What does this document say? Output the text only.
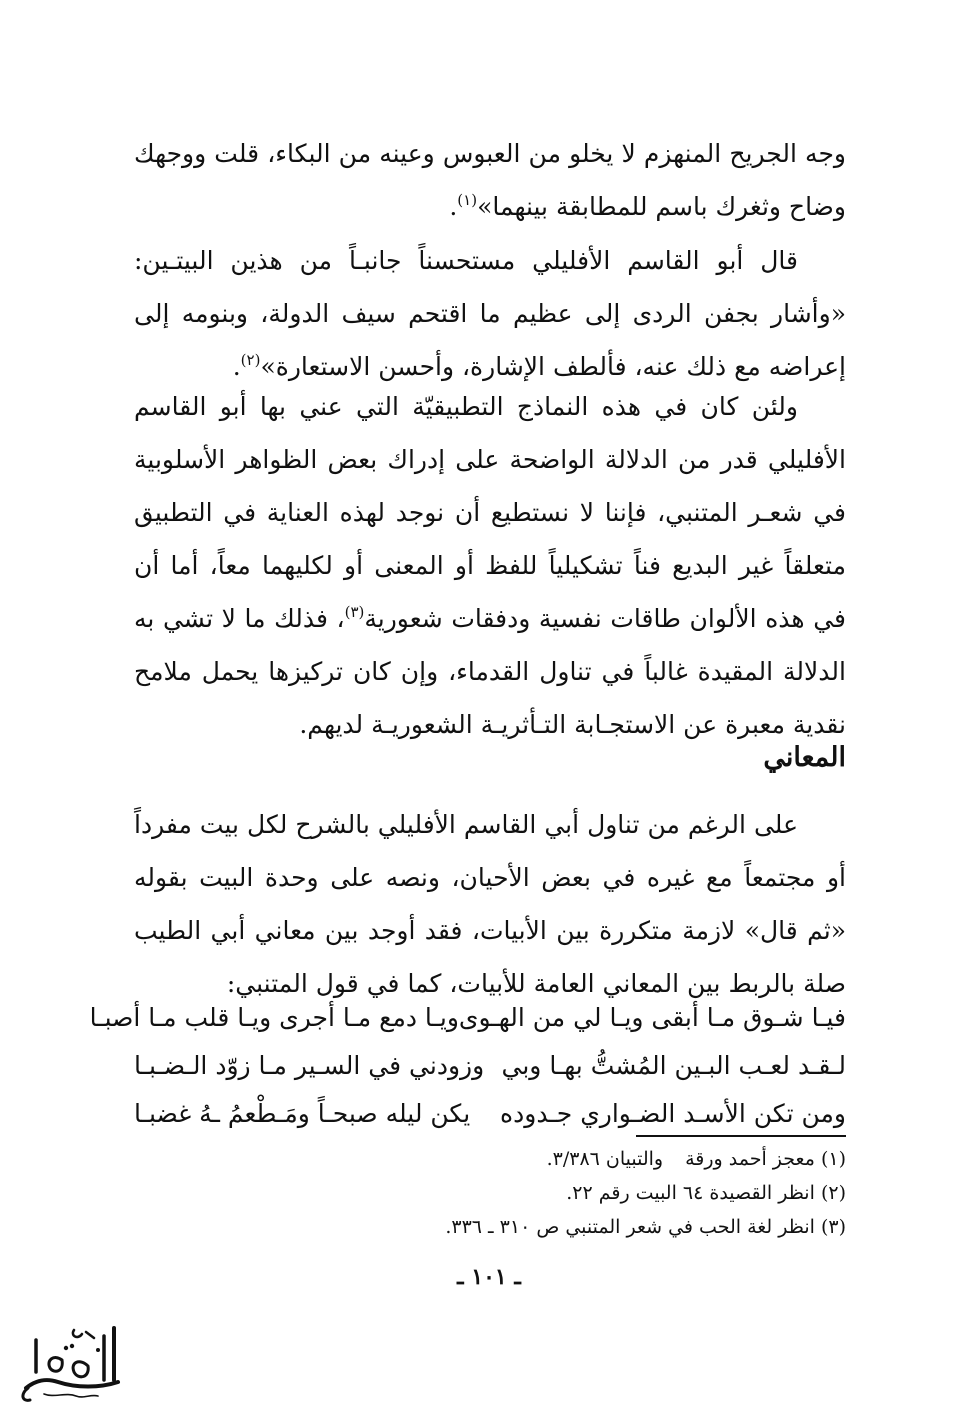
وجه الجريح المنهزم لا يخلو من العبوس وعينه من البكاء، قلت ووجهك وضاح وثغرك باسم للمطابقة بينهما»$^{(١)}$.

قال أبو القاسم الأفليلي مستحسناً جانبـاً من هذين البيتـين: «وأشار بجفن الردى إلى عظيم ما اقتحم سيف الدولة، وبنومه إلى إعراضه مع ذلك عنه، فألطف الإشارة، وأحسن الاستعارة»$^{(٢)}$.

ولئن كان في هذه النماذج التطبيقيّة التي عني بها أبو القاسم الأفليلي قدر من الدلالة الواضحة على إدراك بعض الظواهر الأسلوبية في شعـر المتنبي، فإننا لا نستطيع أن نوجد لهذه العناية في التطبيق متعلقاً غير البديع فناً تشكيلياً للفظ أو المعنى أو لكليهما معاً، أما أن في هذه الألوان طاقات نفسية ودفقات شعورية$^{(٣)}$، فذلك ما لا تشي به الدلالة المقيدة غالباً في تناول القدماء، وإن كان تركيزها يحمل ملامح نقدية معبرة عن الاستجـابة التـأثريـة الشعوريـة لديهم.

المعاني

على الرغم من تناول أبي القاسم الأفليلي بالشرح لكل بيت مفرداً أو مجتمعاً مع غيره في بعض الأحيان، ونصه على وحدة البيت بقوله «ثم قال» لازمة متكررة بين الأبيات، فقد أوجد بين معاني أبي الطيب صلة بالربط بين المعاني العامة للأبيات، كما في قول المتنبي:

فيـا شـوق مـا أبقى ويـا لي من الهـوى
ويـا دمع مـا أجرى ويـا قلب مـا أصبـا
لـقـد لعـب البـين المُشتُّ بهـا وبي
وزودني في السـير مـا زوّد الـضـبـا
ومن تكن الأسـد الضـواري جـدوده
يكن ليله صبحـاً ومَـطْعمُ ـهُ غضبـا
(١) معجز أحمد ورقةوالتبيان ٣/٣٨٦.
(٢) انظر القصيدة ٦٤ البيت رقم ٢٢.
(٣) انظر لغة الحب في شعر المتنبي ص ٣١٠ ـ ٣٣٦.
ـ ١٠١ ـ
